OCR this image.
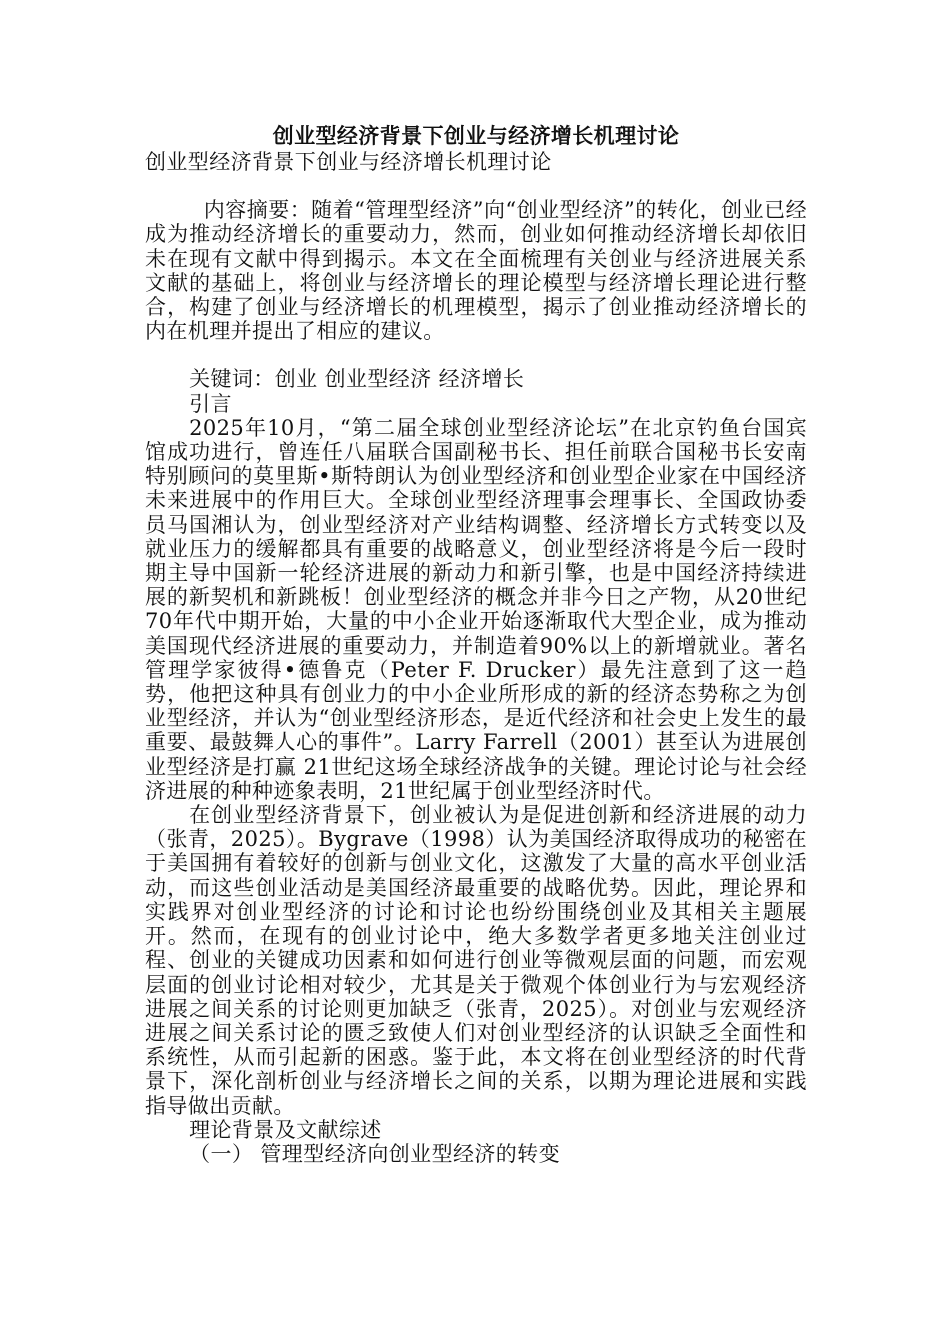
创业型经济背景下创业与经济增长机理讨论

创业型经济背景下创业与经济增长机理讨论

内容摘要：随着“管理型经济”向“创业型经济”的转化，创业已经成为推动经济增长的重要动力，然而，创业如何推动经济增长却依旧未在现有文献中得到揭示。本文在全面梳理有关创业与经济进展关系文献的基础上，将创业与经济增长的理论模型与经济增长理论进行整合，构建了创业与经济增长的机理模型，揭示了创业推动经济增长的内在机理并提出了相应的建议。

关键词：创业 创业型经济 经济增长

引言

2025年10月，“第二届全球创业型经济论坛”在北京钓鱼台国宾馆成功进行，曾连任八届联合国副秘书长、担任前联合国秘书长安南特别顾问的莫里斯•斯特朗认为创业型经济和创业型企业家在中国经济未来进展中的作用巨大。全球创业型经济理事会理事长、全国政协委员马国湘认为，创业型经济对产业结构调整、经济增长方式转变以及就业压力的缓解都具有重要的战略意义，创业型经济将是今后一段时期主导中国新一轮经济进展的新动力和新引擎，也是中国经济持续进展的新契机和新跳板！创业型经济的概念并非今日之产物，从20世纪70年代中期开始，大量的中小企业开始逐渐取代大型企业，成为推动美国现代经济进展的重要动力，并制造着90%以上的新增就业。著名管理学家彼得•德鲁克（Peter F. Drucker）最先注意到了这一趋势，他把这种具有创业力的中小企业所形成的新的经济态势称之为创业型经济，并认为“创业型经济形态，是近代经济和社会史上发生的最重要、最鼓舞人心的事件”。Larry Farrell（2001）甚至认为进展创业型经济是打赢 21世纪这场全球经济战争的关键。理论讨论与社会经济进展的种种迹象表明，21世纪属于创业型经济时代。

在创业型经济背景下，创业被认为是促进创新和经济进展的动力（张青，2025）。Bygrave（1998）认为美国经济取得成功的秘密在于美国拥有着较好的创新与创业文化，这激发了大量的高水平创业活动，而这些创业活动是美国经济最重要的战略优势。因此，理论界和实践界对创业型经济的讨论和讨论也纷纷围绕创业及其相关主题展开。然而，在现有的创业讨论中，绝大多数学者更多地关注创业过程、创业的关键成功因素和如何进行创业等微观层面的问题，而宏观层面的创业讨论相对较少，尤其是关于微观个体创业行为与宏观经济进展之间关系的讨论则更加缺乏（张青，2025）。对创业与宏观经济进展之间关系讨论的匮乏致使人们对创业型经济的认识缺乏全面性和系统性，从而引起新的困惑。鉴于此，本文将在创业型经济的时代背景下，深化剖析创业与经济增长之间的关系，以期为理论进展和实践指导做出贡献。

理论背景及文献综述

（一） 管理型经济向创业型经济的转变
